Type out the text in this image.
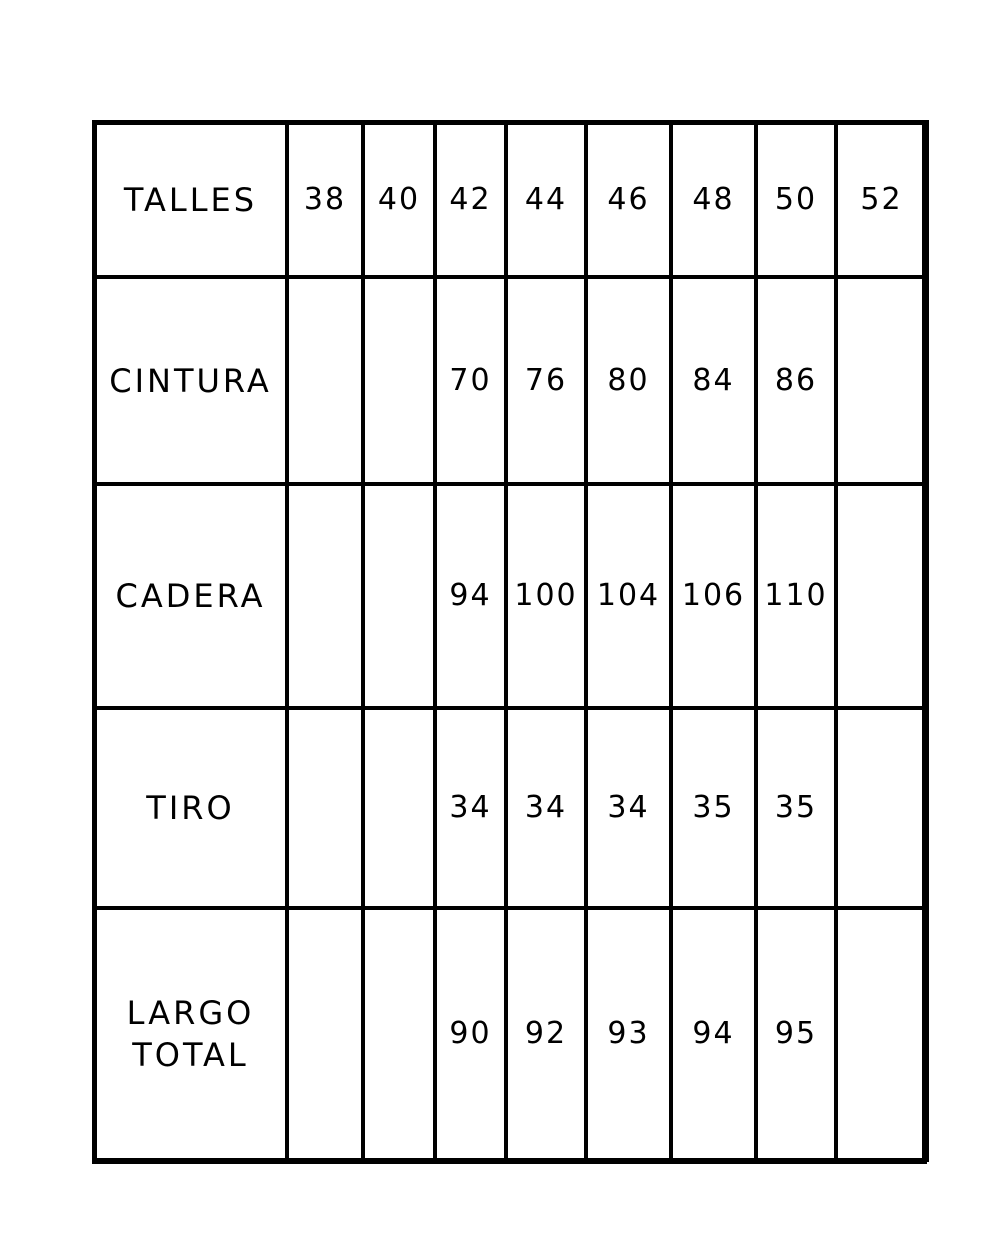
TALLES	38	40	42	44	46	48	50	52

CINTURA			70	76	80	84	86	

CADERA			94	100	104	106	110	

TIRO			34	34	34	35	35	

LARGO
TOTAL			90	92	93	94	95	
